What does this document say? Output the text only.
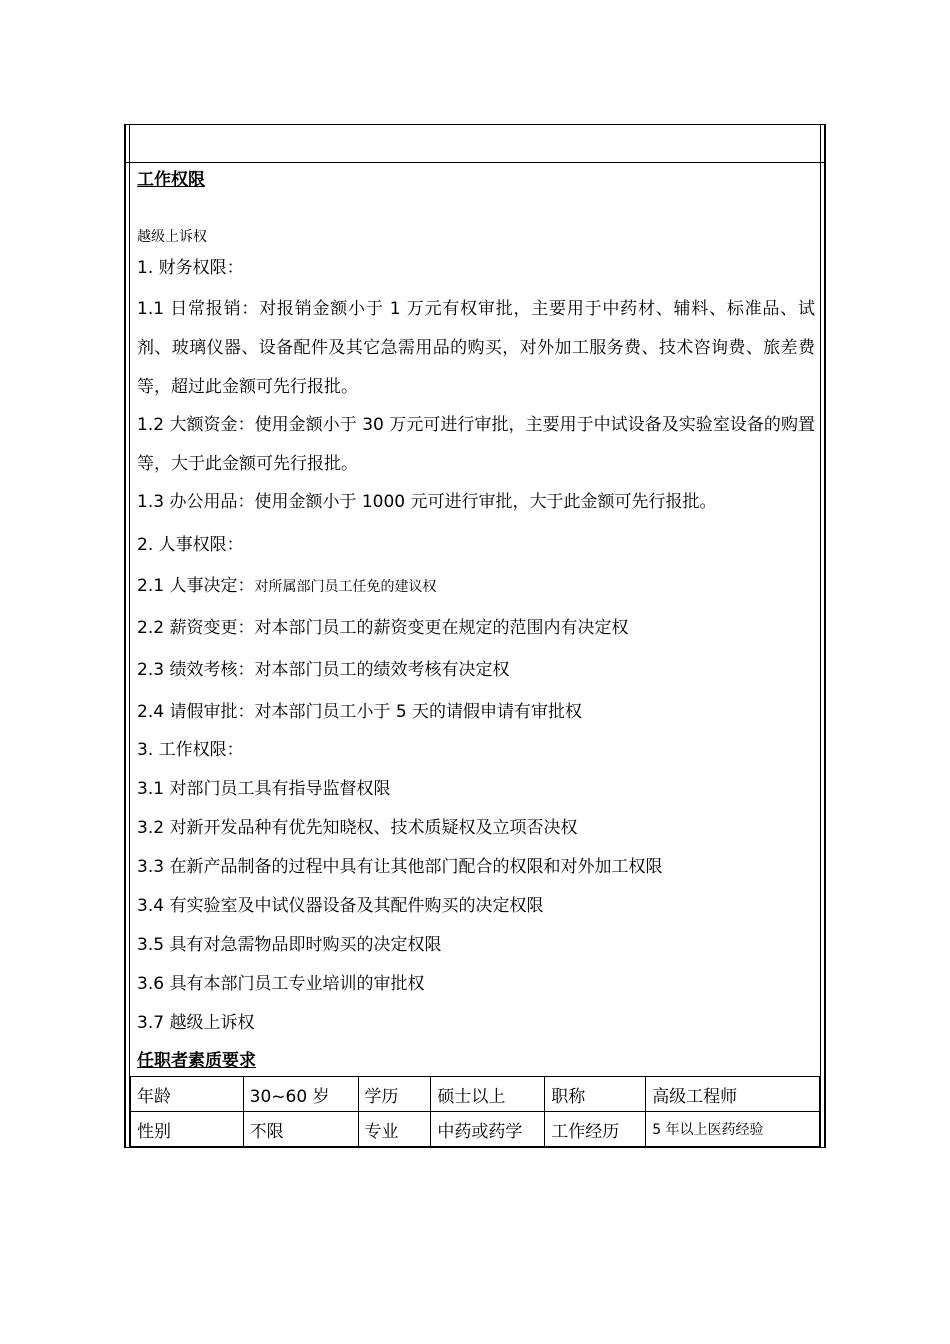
工作权限
越级上诉权
1. 财务权限：
1.1 日常报销：对报销金额小于 1 万元有权审批，主要用于中药材、辅料、标准品、试剂、玻璃仪器、设备配件及其它急需用品的购买，对外加工服务费、技术咨询费、旅差费等，超过此金额可先行报批。
1.2 大额资金：使用金额小于 30 万元可进行审批，主要用于中试设备及实验室设备的购置等，大于此金额可先行报批。
1.3 办公用品：使用金额小于 1000 元可进行审批，大于此金额可先行报批。
2. 人事权限：
2.1 人事决定：对所属部门员工任免的建议权
2.2 薪资变更：对本部门员工的薪资变更在规定的范围内有决定权
2.3 绩效考核：对本部门员工的绩效考核有决定权
2.4 请假审批：对本部门员工小于 5 天的请假申请有审批权
3. 工作权限：
3.1 对部门员工具有指导监督权限
3.2 对新开发品种有优先知晓权、技术质疑权及立项否决权
3.3 在新产品制备的过程中具有让其他部门配合的权限和对外加工权限
3.4 有实验室及中试仪器设备及其配件购买的决定权限
3.5 具有对急需物品即时购买的决定权限
3.6 具有本部门员工专业培训的审批权
3.7 越级上诉权
任职者素质要求
年龄	30~60 岁	学历	硕士以上	职称	高级工程师
性别	不限	专业	中药或药学	工作经历	5 年以上医药经验
